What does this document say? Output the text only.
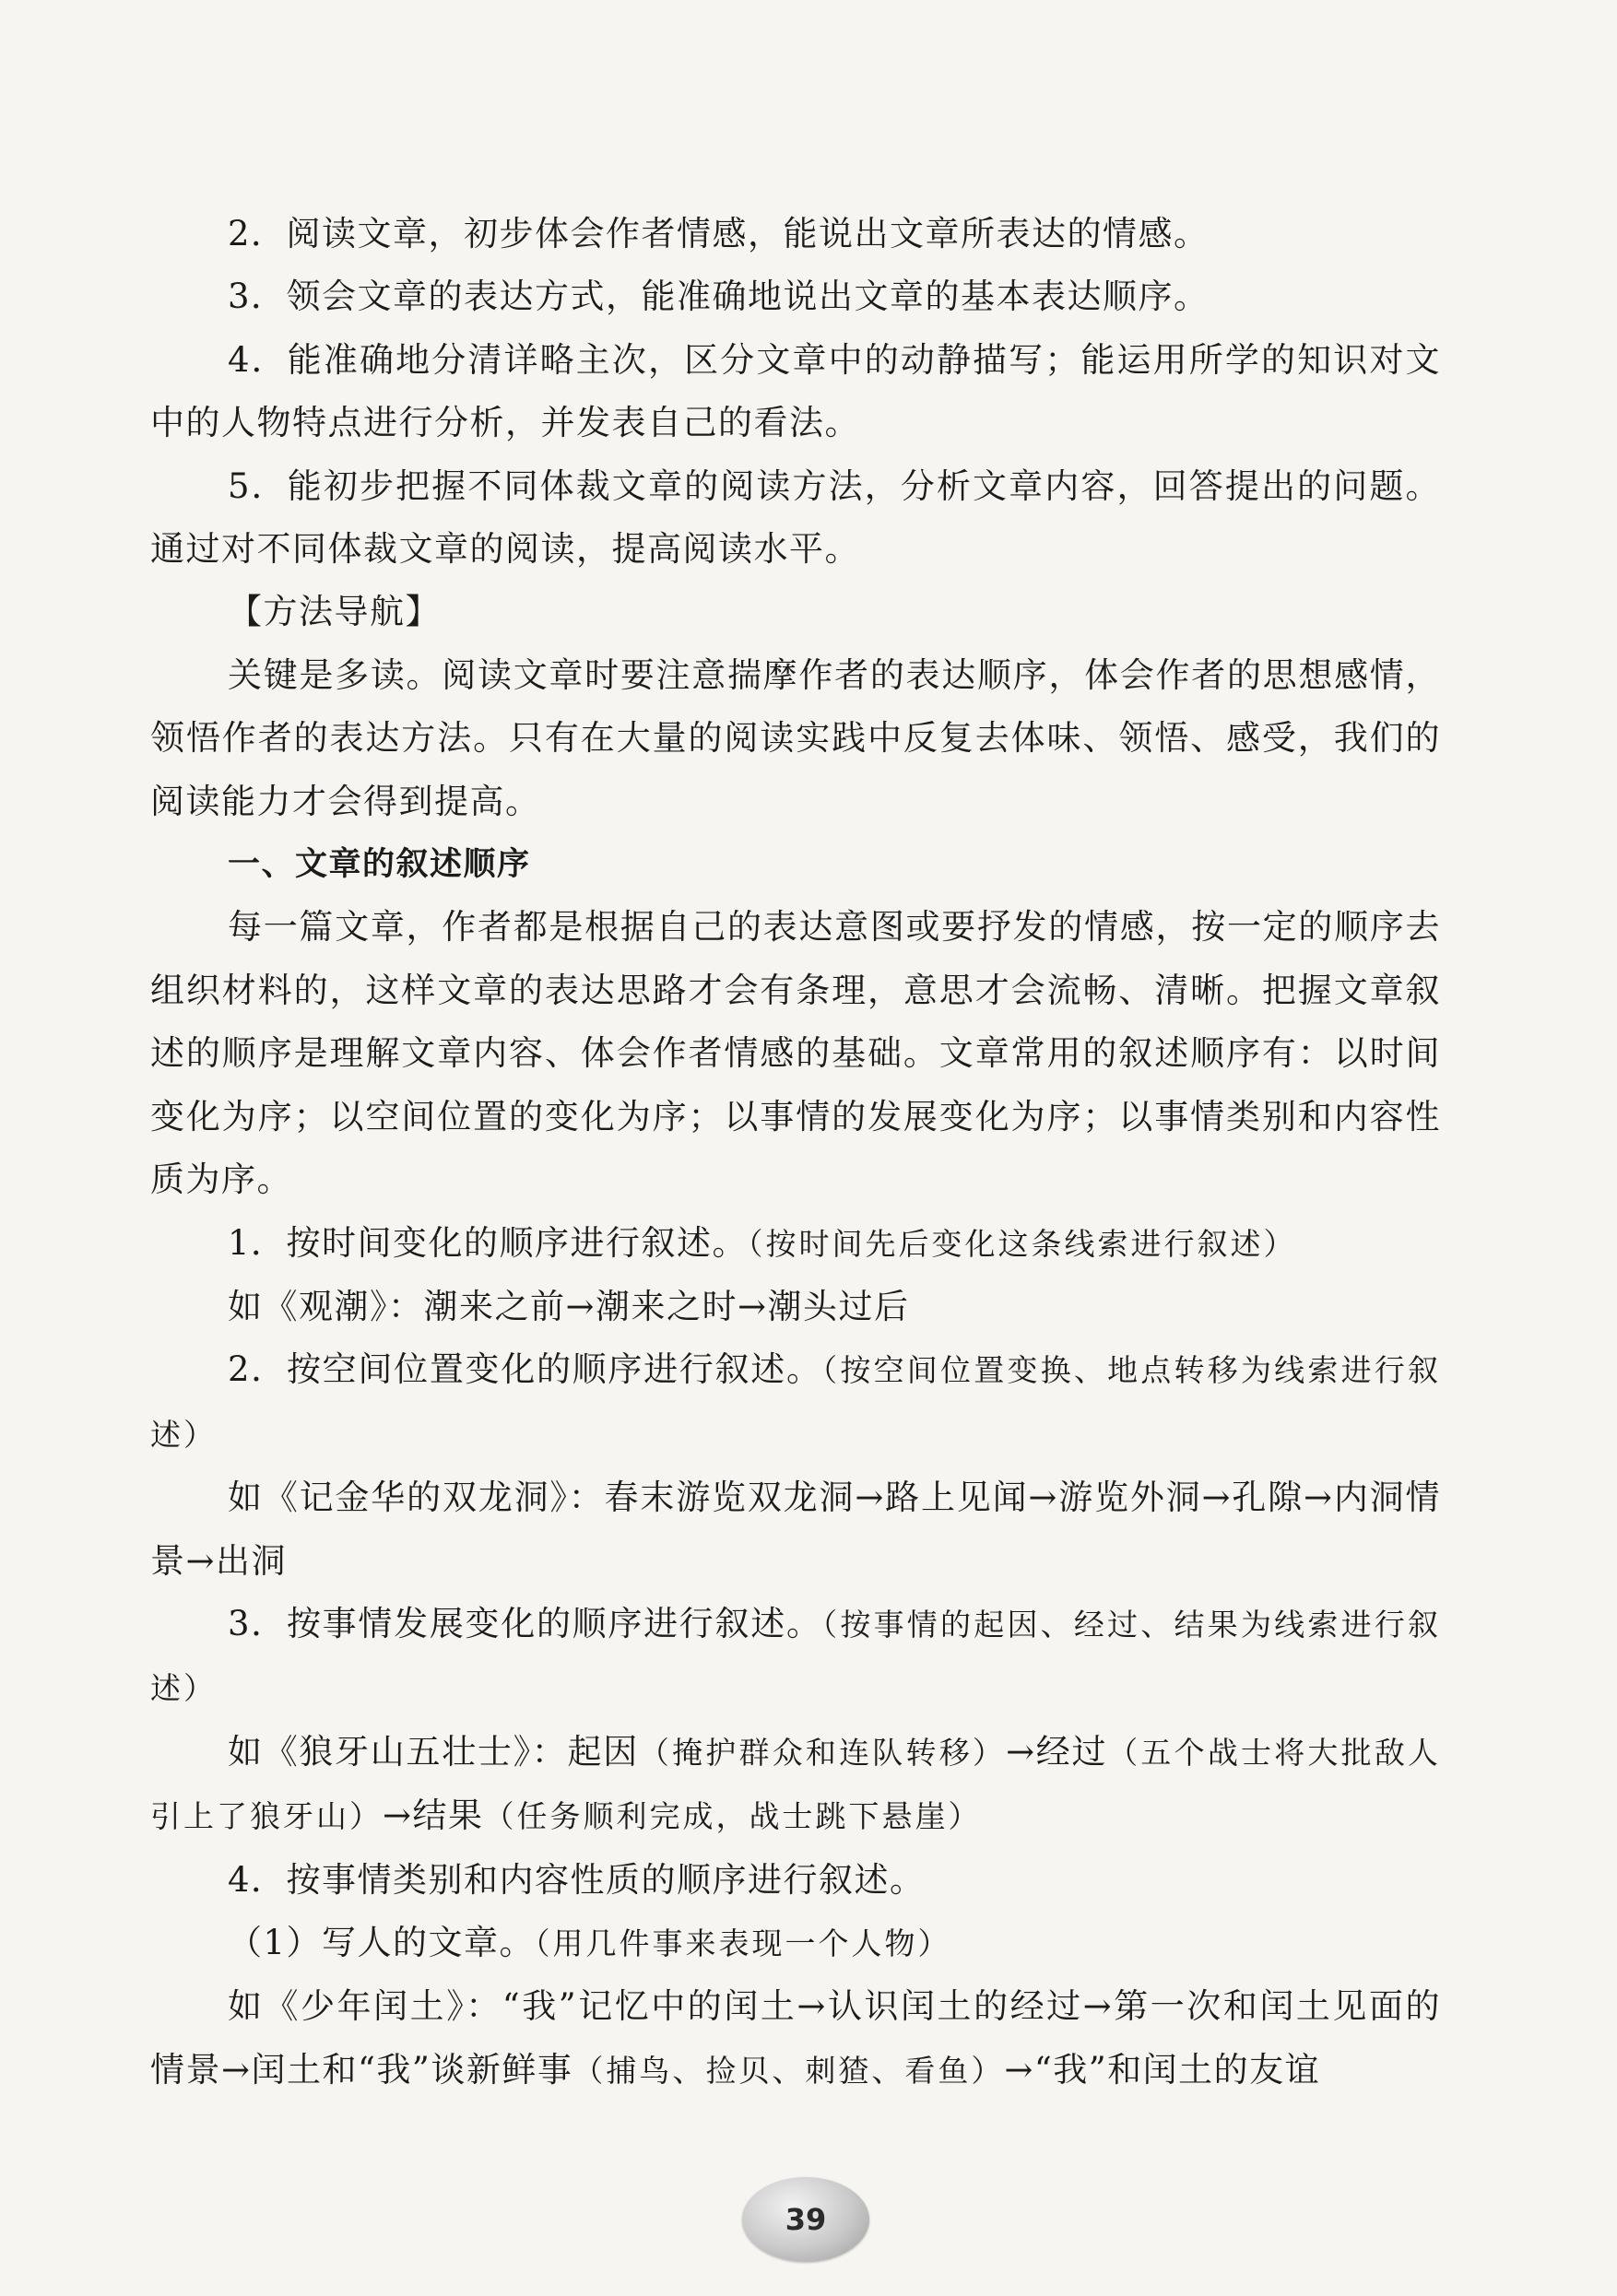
2．阅读文章，初步体会作者情感，能说出文章所表达的情感。

3．领会文章的表达方式，能准确地说出文章的基本表达顺序。

4．能准确地分清详略主次，区分文章中的动静描写；能运用所学的知识对文中的人物特点进行分析，并发表自己的看法。

5．能初步把握不同体裁文章的阅读方法，分析文章内容，回答提出的问题。通过对不同体裁文章的阅读，提高阅读水平。

【方法导航】

关键是多读。阅读文章时要注意揣摩作者的表达顺序，体会作者的思想感情，领悟作者的表达方法。只有在大量的阅读实践中反复去体味、领悟、感受，我们的阅读能力才会得到提高。

一、文章的叙述顺序

每一篇文章，作者都是根据自己的表达意图或要抒发的情感，按一定的顺序去组织材料的，这样文章的表达思路才会有条理，意思才会流畅、清晰。把握文章叙述的顺序是理解文章内容、体会作者情感的基础。文章常用的叙述顺序有：以时间变化为序；以空间位置的变化为序；以事情的发展变化为序；以事情类别和内容性质为序。

1．按时间变化的顺序进行叙述。（按时间先后变化这条线索进行叙述）

如《观潮》：潮来之前→潮来之时→潮头过后

2．按空间位置变化的顺序进行叙述。（按空间位置变换、地点转移为线索进行叙述）

如《记金华的双龙洞》：春末游览双龙洞→路上见闻→游览外洞→孔隙→内洞情景→出洞

3．按事情发展变化的顺序进行叙述。（按事情的起因、经过、结果为线索进行叙述）

如《狼牙山五壮士》：起因（掩护群众和连队转移）→经过（五个战士将大批敌人引上了狼牙山）→结果（任务顺利完成，战士跳下悬崖）

4．按事情类别和内容性质的顺序进行叙述。

（1）写人的文章。（用几件事来表现一个人物）

如《少年闰土》：“我”记忆中的闰土→认识闰土的经过→第一次和闰土见面的情景→闰土和“我”谈新鲜事（捕鸟、捡贝、刺猹、看鱼）→“我”和闰土的友谊

39
